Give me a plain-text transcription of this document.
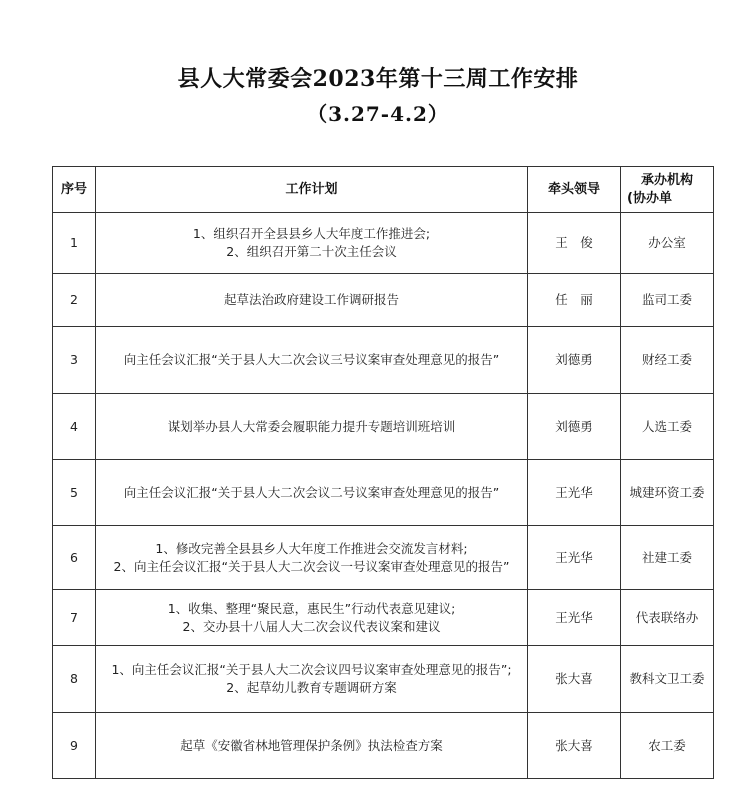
县人大常委会2023年第十三周工作安排
（3.27-4.2）
序号	工作计划	牵头领导	承办机构
(协办单

1	1、组织召开全县县乡人大年度工作推进会;
2、组织召开第二十次主任会议	王　俊	办公室
2	起草法治政府建设工作调研报告	任　丽	监司工委
3	向主任会议汇报“关于县人大二次会议三号议案审查处理意见的报告”	刘德勇	财经工委
4	谋划举办县人大常委会履职能力提升专题培训班培训	刘德勇	人选工委
5	向主任会议汇报“关于县人大二次会议二号议案审查处理意见的报告”	王光华	城建环资工委
6	1、修改完善全县县乡人大年度工作推进会交流发言材料;
2、向主任会议汇报“关于县人大二次会议一号议案审查处理意见的报告”	王光华	社建工委
7	1、收集、整理“聚民意，惠民生”行动代表意见建议;
2、交办县十八届人大二次会议代表议案和建议	王光华	代表联络办
8	1、向主任会议汇报“关于县人大二次会议四号议案审查处理意见的报告”;
2、起草幼儿教育专题调研方案	张大喜	教科文卫工委
9	起草《安徽省林地管理保护条例》执法检查方案	张大喜	农工委
